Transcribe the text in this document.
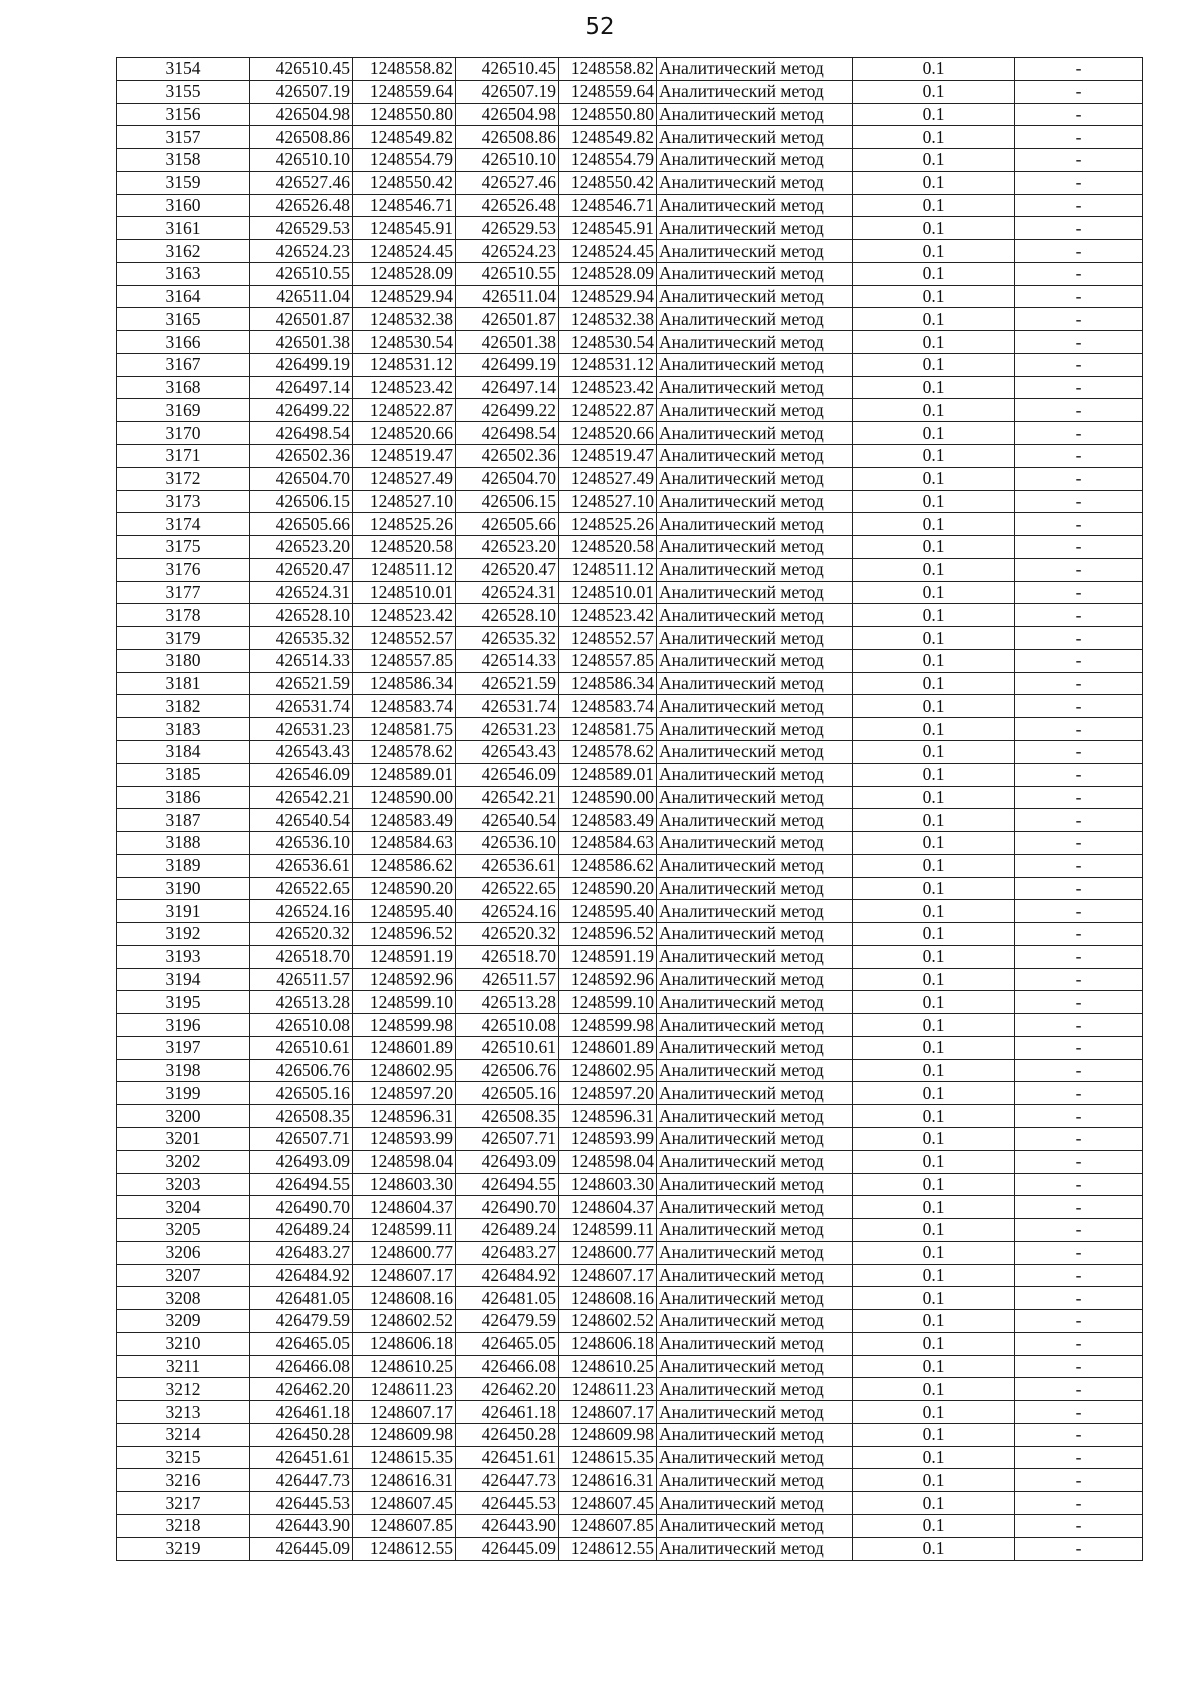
52
3154	426510.45	1248558.82	426510.45	1248558.82	Аналитический метод	0.1	-
3155	426507.19	1248559.64	426507.19	1248559.64	Аналитический метод	0.1	-
3156	426504.98	1248550.80	426504.98	1248550.80	Аналитический метод	0.1	-
3157	426508.86	1248549.82	426508.86	1248549.82	Аналитический метод	0.1	-
3158	426510.10	1248554.79	426510.10	1248554.79	Аналитический метод	0.1	-
3159	426527.46	1248550.42	426527.46	1248550.42	Аналитический метод	0.1	-
3160	426526.48	1248546.71	426526.48	1248546.71	Аналитический метод	0.1	-
3161	426529.53	1248545.91	426529.53	1248545.91	Аналитический метод	0.1	-
3162	426524.23	1248524.45	426524.23	1248524.45	Аналитический метод	0.1	-
3163	426510.55	1248528.09	426510.55	1248528.09	Аналитический метод	0.1	-
3164	426511.04	1248529.94	426511.04	1248529.94	Аналитический метод	0.1	-
3165	426501.87	1248532.38	426501.87	1248532.38	Аналитический метод	0.1	-
3166	426501.38	1248530.54	426501.38	1248530.54	Аналитический метод	0.1	-
3167	426499.19	1248531.12	426499.19	1248531.12	Аналитический метод	0.1	-
3168	426497.14	1248523.42	426497.14	1248523.42	Аналитический метод	0.1	-
3169	426499.22	1248522.87	426499.22	1248522.87	Аналитический метод	0.1	-
3170	426498.54	1248520.66	426498.54	1248520.66	Аналитический метод	0.1	-
3171	426502.36	1248519.47	426502.36	1248519.47	Аналитический метод	0.1	-
3172	426504.70	1248527.49	426504.70	1248527.49	Аналитический метод	0.1	-
3173	426506.15	1248527.10	426506.15	1248527.10	Аналитический метод	0.1	-
3174	426505.66	1248525.26	426505.66	1248525.26	Аналитический метод	0.1	-
3175	426523.20	1248520.58	426523.20	1248520.58	Аналитический метод	0.1	-
3176	426520.47	1248511.12	426520.47	1248511.12	Аналитический метод	0.1	-
3177	426524.31	1248510.01	426524.31	1248510.01	Аналитический метод	0.1	-
3178	426528.10	1248523.42	426528.10	1248523.42	Аналитический метод	0.1	-
3179	426535.32	1248552.57	426535.32	1248552.57	Аналитический метод	0.1	-
3180	426514.33	1248557.85	426514.33	1248557.85	Аналитический метод	0.1	-
3181	426521.59	1248586.34	426521.59	1248586.34	Аналитический метод	0.1	-
3182	426531.74	1248583.74	426531.74	1248583.74	Аналитический метод	0.1	-
3183	426531.23	1248581.75	426531.23	1248581.75	Аналитический метод	0.1	-
3184	426543.43	1248578.62	426543.43	1248578.62	Аналитический метод	0.1	-
3185	426546.09	1248589.01	426546.09	1248589.01	Аналитический метод	0.1	-
3186	426542.21	1248590.00	426542.21	1248590.00	Аналитический метод	0.1	-
3187	426540.54	1248583.49	426540.54	1248583.49	Аналитический метод	0.1	-
3188	426536.10	1248584.63	426536.10	1248584.63	Аналитический метод	0.1	-
3189	426536.61	1248586.62	426536.61	1248586.62	Аналитический метод	0.1	-
3190	426522.65	1248590.20	426522.65	1248590.20	Аналитический метод	0.1	-
3191	426524.16	1248595.40	426524.16	1248595.40	Аналитический метод	0.1	-
3192	426520.32	1248596.52	426520.32	1248596.52	Аналитический метод	0.1	-
3193	426518.70	1248591.19	426518.70	1248591.19	Аналитический метод	0.1	-
3194	426511.57	1248592.96	426511.57	1248592.96	Аналитический метод	0.1	-
3195	426513.28	1248599.10	426513.28	1248599.10	Аналитический метод	0.1	-
3196	426510.08	1248599.98	426510.08	1248599.98	Аналитический метод	0.1	-
3197	426510.61	1248601.89	426510.61	1248601.89	Аналитический метод	0.1	-
3198	426506.76	1248602.95	426506.76	1248602.95	Аналитический метод	0.1	-
3199	426505.16	1248597.20	426505.16	1248597.20	Аналитический метод	0.1	-
3200	426508.35	1248596.31	426508.35	1248596.31	Аналитический метод	0.1	-
3201	426507.71	1248593.99	426507.71	1248593.99	Аналитический метод	0.1	-
3202	426493.09	1248598.04	426493.09	1248598.04	Аналитический метод	0.1	-
3203	426494.55	1248603.30	426494.55	1248603.30	Аналитический метод	0.1	-
3204	426490.70	1248604.37	426490.70	1248604.37	Аналитический метод	0.1	-
3205	426489.24	1248599.11	426489.24	1248599.11	Аналитический метод	0.1	-
3206	426483.27	1248600.77	426483.27	1248600.77	Аналитический метод	0.1	-
3207	426484.92	1248607.17	426484.92	1248607.17	Аналитический метод	0.1	-
3208	426481.05	1248608.16	426481.05	1248608.16	Аналитический метод	0.1	-
3209	426479.59	1248602.52	426479.59	1248602.52	Аналитический метод	0.1	-
3210	426465.05	1248606.18	426465.05	1248606.18	Аналитический метод	0.1	-
3211	426466.08	1248610.25	426466.08	1248610.25	Аналитический метод	0.1	-
3212	426462.20	1248611.23	426462.20	1248611.23	Аналитический метод	0.1	-
3213	426461.18	1248607.17	426461.18	1248607.17	Аналитический метод	0.1	-
3214	426450.28	1248609.98	426450.28	1248609.98	Аналитический метод	0.1	-
3215	426451.61	1248615.35	426451.61	1248615.35	Аналитический метод	0.1	-
3216	426447.73	1248616.31	426447.73	1248616.31	Аналитический метод	0.1	-
3217	426445.53	1248607.45	426445.53	1248607.45	Аналитический метод	0.1	-
3218	426443.90	1248607.85	426443.90	1248607.85	Аналитический метод	0.1	-
3219	426445.09	1248612.55	426445.09	1248612.55	Аналитический метод	0.1	-
